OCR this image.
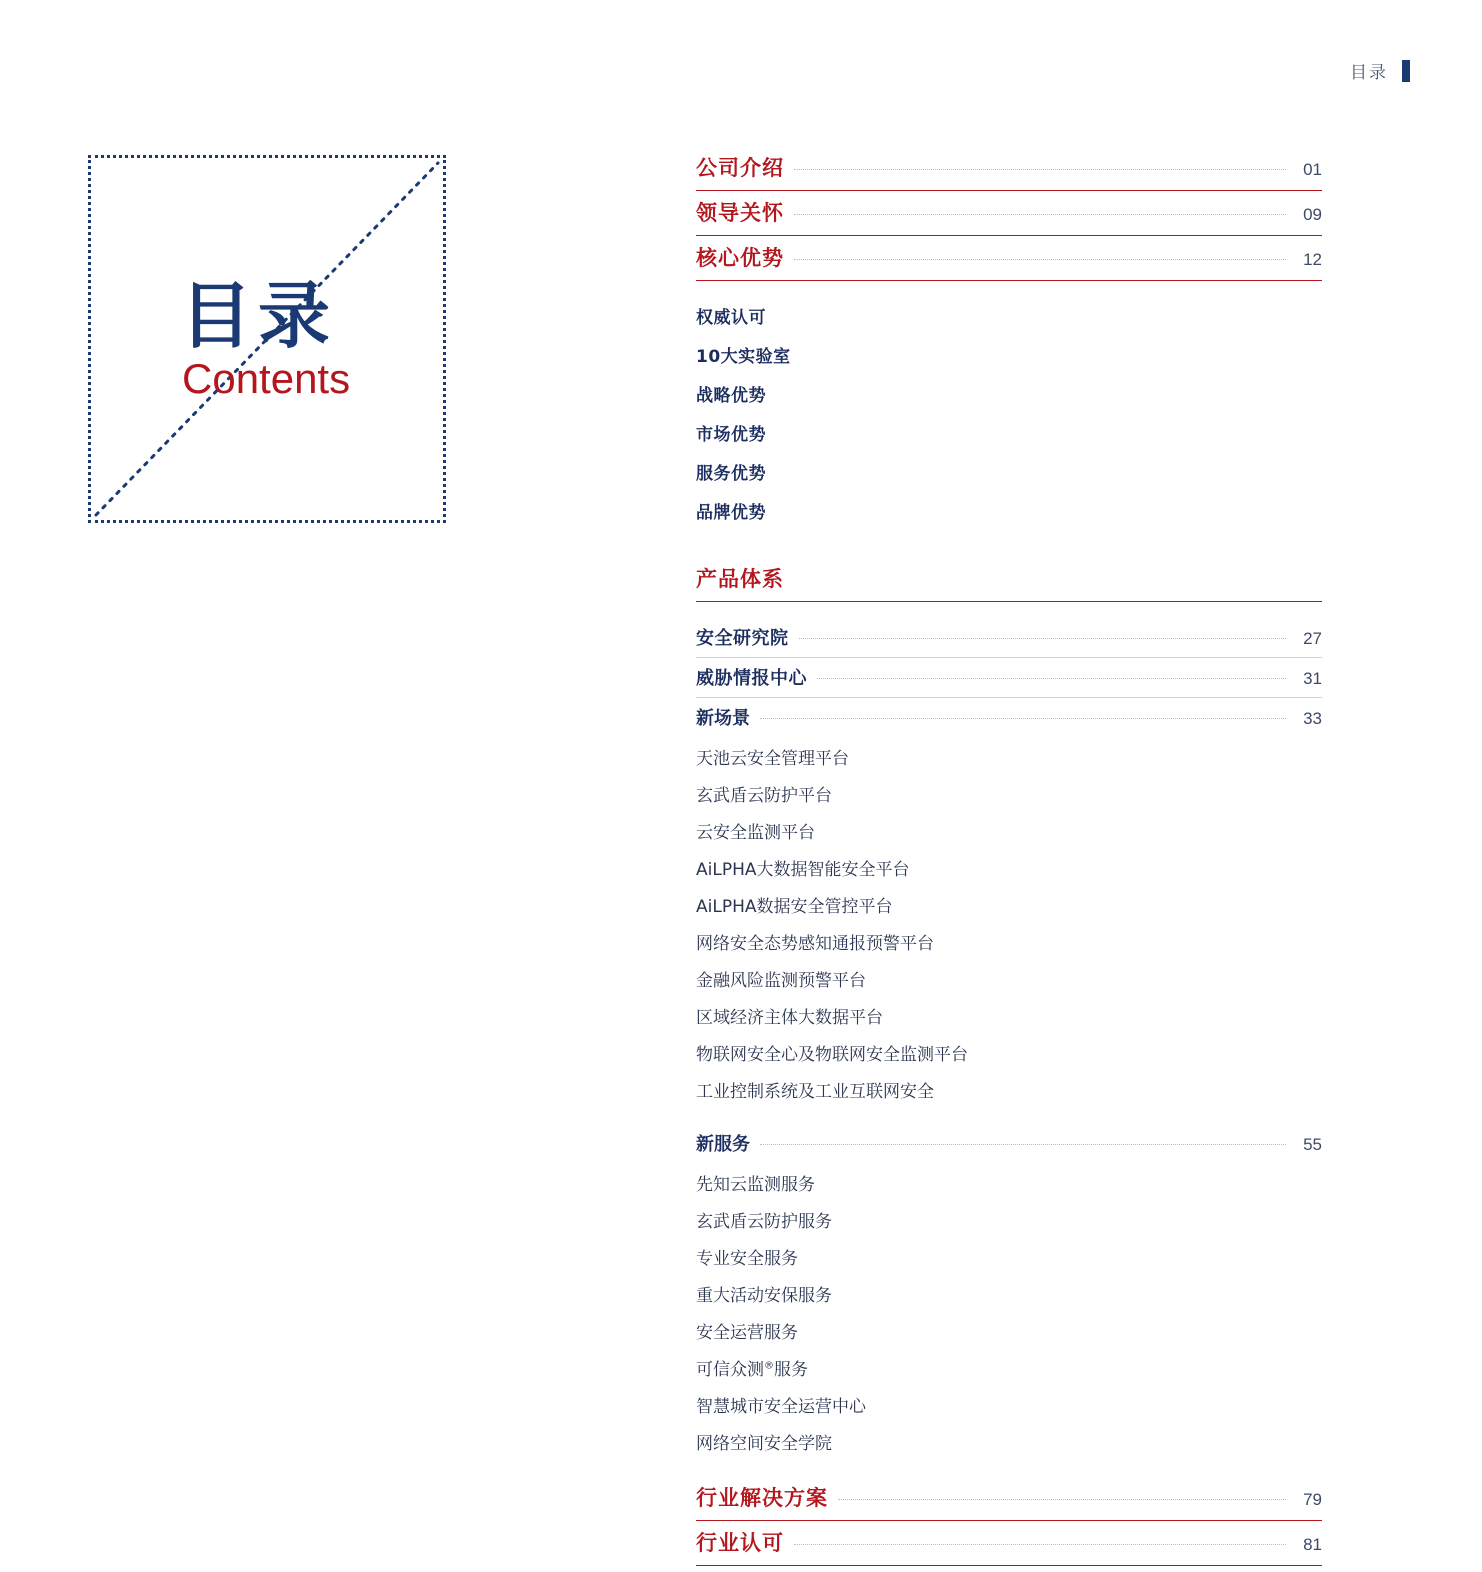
目录
目录
Contents
公司介绍	01
领导关怀	09
核心优势	12
权威认可
10大实验室
战略优势
市场优势
服务优势
品牌优势
产品体系
安全研究院	27
威胁情报中心	31
新场景	33
天池云安全管理平台
玄武盾云防护平台
云安全监测平台
AiLPHA大数据智能安全平台
AiLPHA数据安全管控平台
网络安全态势感知通报预警平台
金融风险监测预警平台
区域经济主体大数据平台
物联网安全心及物联网安全监测平台
工业控制系统及工业互联网安全
新服务	55
先知云监测服务
玄武盾云防护服务
专业安全服务
重大活动安保服务
安全运营服务
可信众测®服务
智慧城市安全运营中心
网络空间安全学院
行业解决方案	79
行业认可	81
